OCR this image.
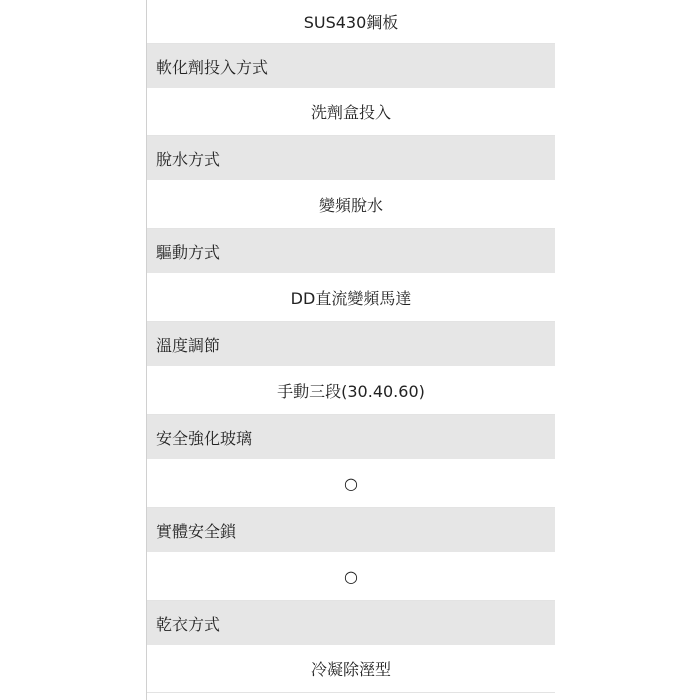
SUS430鋼板
軟化劑投入方式
洗劑盒投入
脫水方式
變頻脫水
驅動方式
DD直流變頻馬達
溫度調節
手動三段(30.40.60)
安全強化玻璃
○
實體安全鎖
○
乾衣方式
冷凝除溼型
